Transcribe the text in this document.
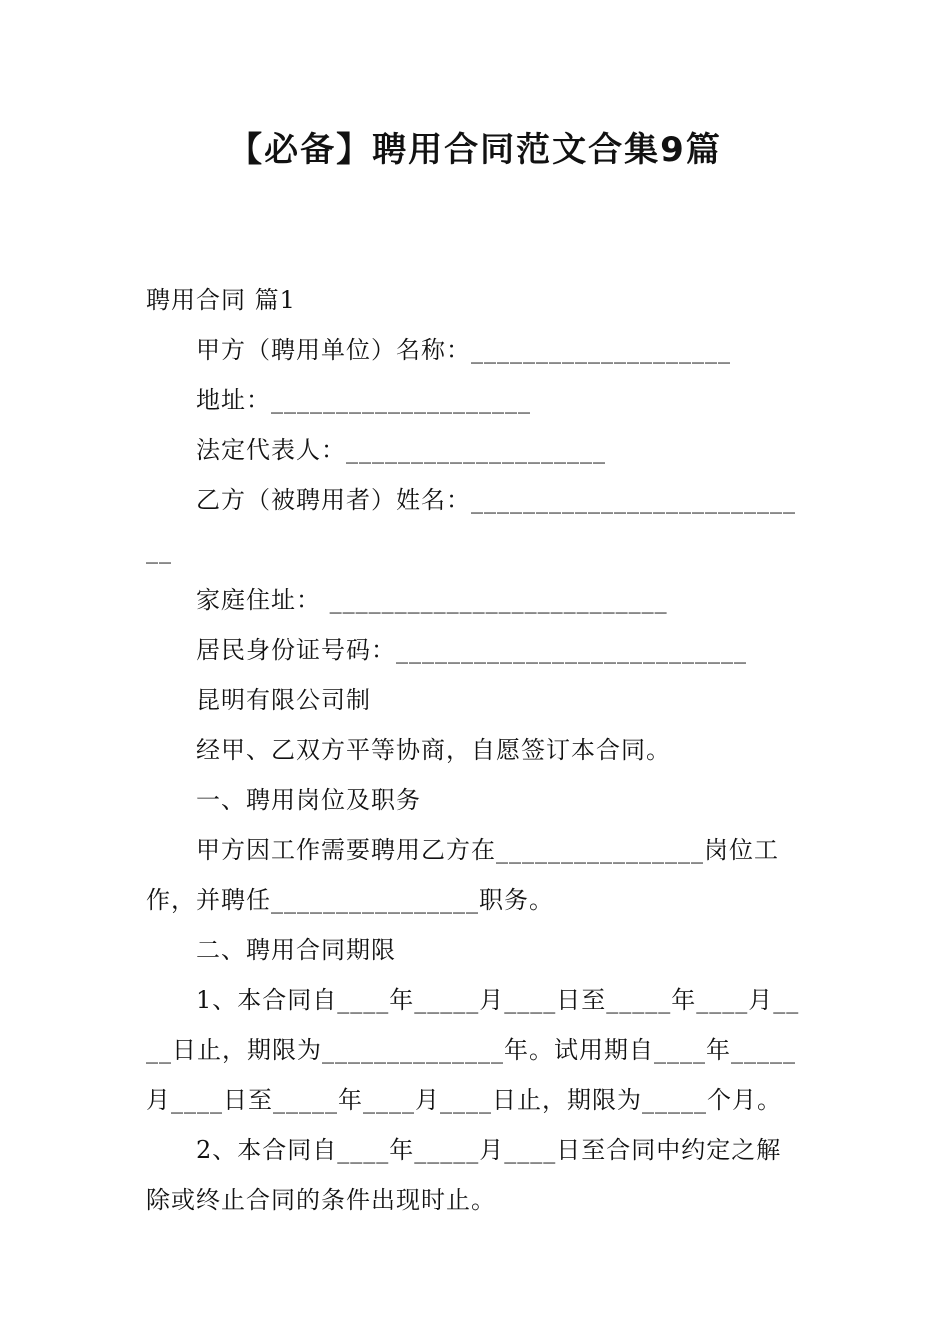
【必备】聘用合同范文合集9篇
聘用合同 篇1
甲方（聘用单位）名称：____________________
地址：____________________
法定代表人：____________________
乙方（被聘用者）姓名：_________________________
__
家庭住址： __________________________
居民身份证号码：___________________________
昆明有限公司制
经甲、乙双方平等协商，自愿签订本合同。
一、聘用岗位及职务
甲方因工作需要聘用乙方在________________岗位工
作，并聘任________________职务。
二、聘用合同期限
1、本合同自____年_____月____日至_____年____月__
__日止，期限为______________年。试用期自____年_____
月____日至_____年____月____日止，期限为_____个月。
2、本合同自____年_____月____日至合同中约定之解
除或终止合同的条件出现时止。
